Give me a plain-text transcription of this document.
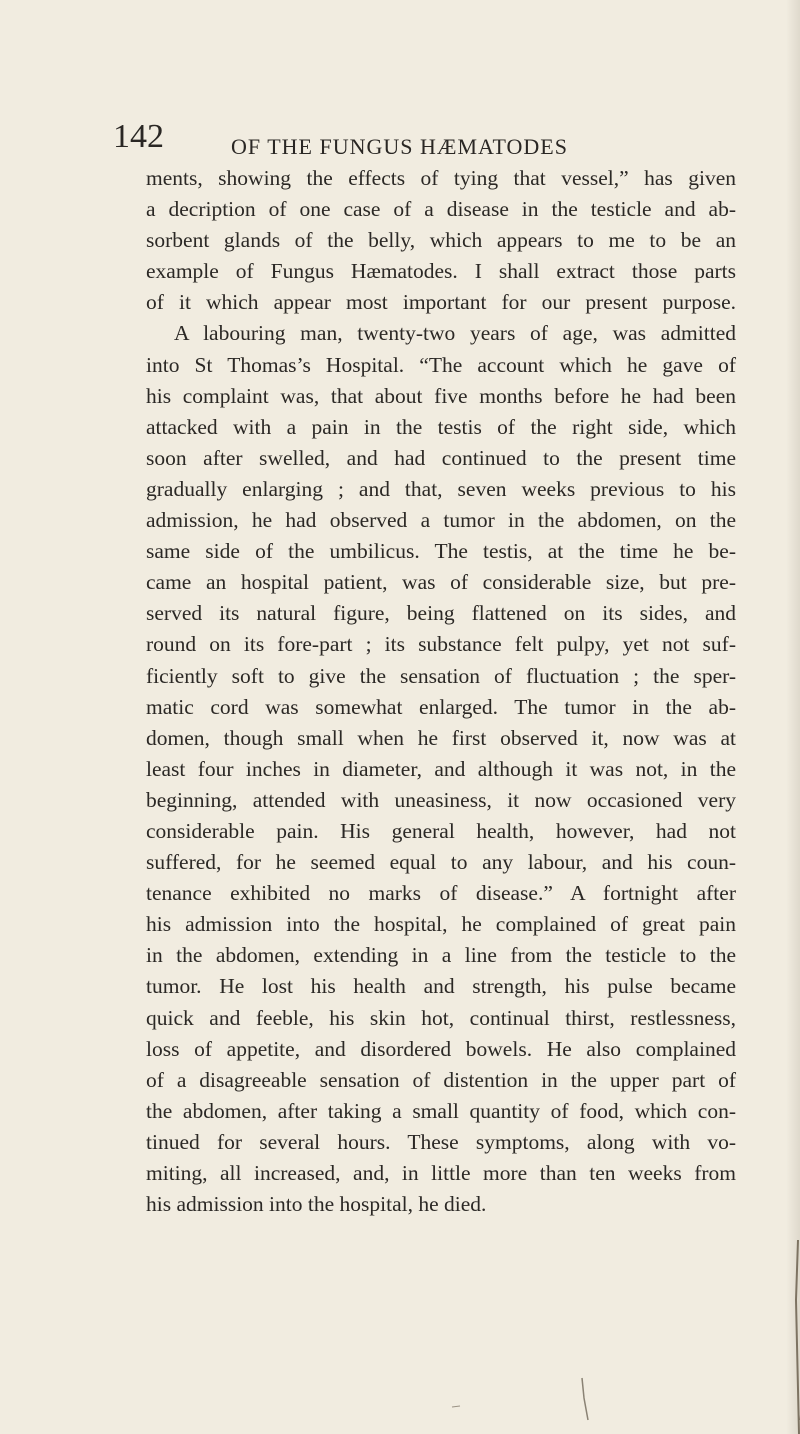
142	OF THE FUNGUS HÆMATODES
ments, showing the effects of tying that vessel,” has given
a decription of one case of a disease in the testicle and ab-
sorbent glands of the belly, which appears to me to be an
example of Fungus Hæmatodes. I shall extract those parts
of it which appear most important for our present purpose.
A labouring man, twenty-two years of age, was admitted
into St Thomas’s Hospital. “The account which he gave of
his complaint was, that about five months before he had been
attacked with a pain in the testis of the right side, which
soon after swelled, and had continued to the present time
gradually enlarging ; and that, seven weeks previous to his
admission, he had observed a tumor in the abdomen, on the
same side of the umbilicus. The testis, at the time he be-
came an hospital patient, was of considerable size, but pre-
served its natural figure, being flattened on its sides, and
round on its fore-part ; its substance felt pulpy, yet not suf-
ficiently soft to give the sensation of fluctuation ; the sper-
matic cord was somewhat enlarged. The tumor in the ab-
domen, though small when he first observed it, now was at
least four inches in diameter, and although it was not, in the
beginning, attended with uneasiness, it now occasioned very
considerable pain. His general health, however, had not
suffered, for he seemed equal to any labour, and his coun-
tenance exhibited no marks of disease.” A fortnight after
his admission into the hospital, he complained of great pain
in the abdomen, extending in a line from the testicle to the
tumor. He lost his health and strength, his pulse became
quick and feeble, his skin hot, continual thirst, restlessness,
loss of appetite, and disordered bowels. He also complained
of a disagreeable sensation of distention in the upper part of
the abdomen, after taking a small quantity of food, which con-
tinued for several hours. These symptoms, along with vo-
miting, all increased, and, in little more than ten weeks from
his admission into the hospital, he died.
